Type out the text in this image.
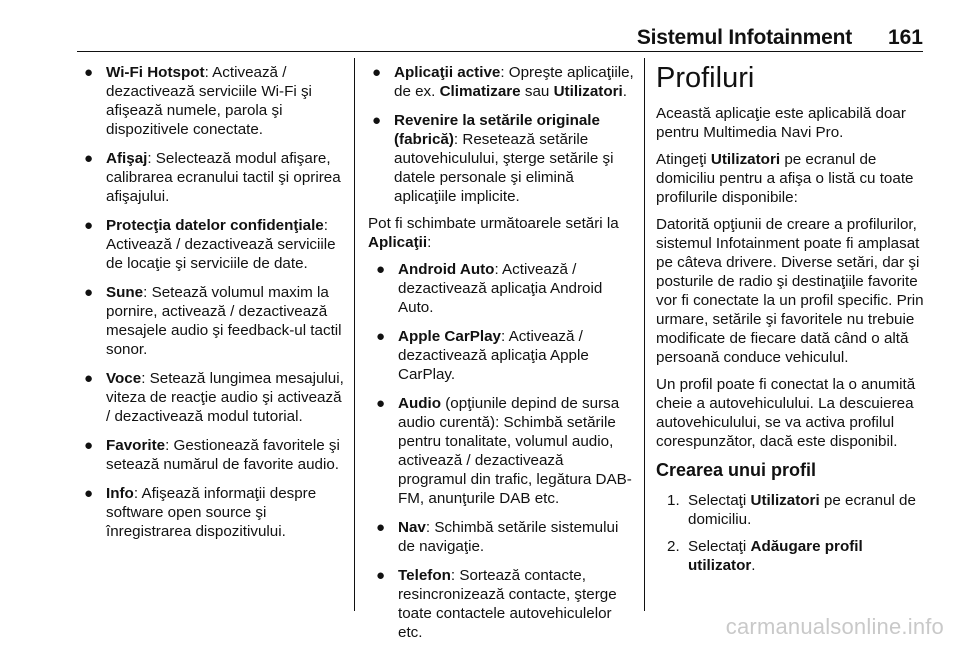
Sistemul Infotainment 161
● Wi-Fi Hotspot: Activează / dezactivează serviciile Wi-Fi şi afişează numele, parola şi dispozitivele conectate.
● Afişaj: Selectează modul afişare, calibrarea ecranului tactil şi oprirea afişajului.
● Protecţia datelor confidenţiale: Activează / dezactivează serviciile de locaţie şi serviciile de date.
● Sune: Setează volumul maxim la pornire, activează / dezactivează mesajele audio şi feedback-ul tactil sonor.
● Voce: Setează lungimea mesajului, viteza de reacţie audio şi activează / dezactivează modul tutorial.
● Favorite: Gestionează favoritele şi setează numărul de favorite audio.
● Info: Afişează informaţii despre software open source şi înregistrarea dispozitivului.
● Aplicaţii active: Opreşte aplicaţiile, de ex. Climatizare sau Utilizatori.
● Revenire la setările originale (fabrică): Resetează setările autovehiculului, şterge setările şi datele personale şi elimină aplicaţiile implicite.

Pot fi schimbate următoarele setări la Aplicaţii:

● Android Auto: Activează / dezactivează aplicaţia Android Auto.
● Apple CarPlay: Activează / dezactivează aplicaţia Apple CarPlay.
● Audio (opţiunile depind de sursa audio curentă): Schimbă setările pentru tonalitate, volumul audio, activează / dezactivează programul din trafic, legătura DAB-FM, anunţurile DAB etc.
● Nav: Schimbă setările sistemului de navigaţie.
● Telefon: Sortează contacte, resincronizează contacte, şterge toate contactele autovehiculelor etc.
Profiluri

Această aplicaţie este aplicabilă doar pentru Multimedia Navi Pro.

Atingeţi Utilizatori pe ecranul de domiciliu pentru a afişa o listă cu toate profilurile disponibile:

Datorită opţiunii de creare a profilurilor, sistemul Infotainment poate fi amplasat pe câteva drivere. Diverse setări, dar şi posturile de radio şi destinaţiile favorite vor fi conectate la un profil specific. Prin urmare, setările şi favoritele nu trebuie modificate de fiecare dată când o altă persoană conduce vehiculul.

Un profil poate fi conectat la o anumită cheie a autovehiculului. La descuierea autovehiculului, se va activa profilul corespunzător, dacă este disponibil.

Crearea unui profil
1. Selectaţi Utilizatori pe ecranul de domiciliu.
2. Selectaţi Adăugare profil utilizator.
carmanualsonline.info
